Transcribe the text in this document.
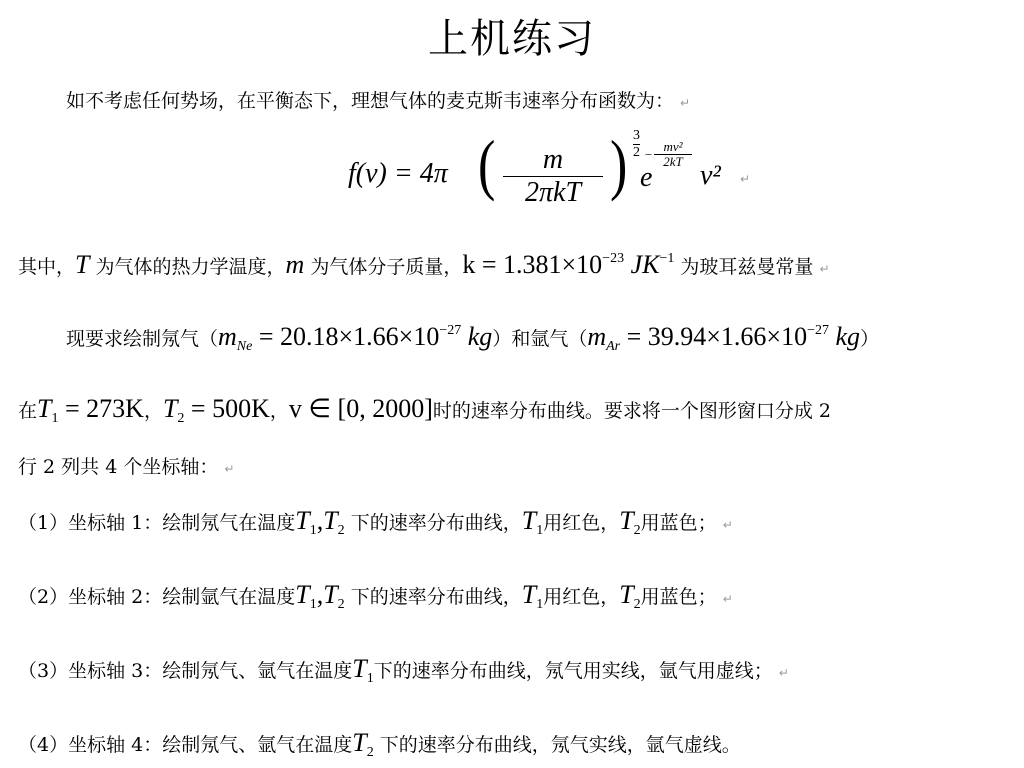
上机练习
如不考虑任何势场，在平衡态下，理想气体的麦克斯韦速率分布函数为： ↵
f(v) = 4π (	m
2πkT ) 3
2
e
−
mv²
2kT v² ↵
其中，T 为气体的热力学温度，m 为气体分子质量，$k = 1.381\times 10^{-23}$ $JK^{-1}$ 为玻耳兹曼常量 ↵
现要求绘制氖气（$m_{Ne} = 20.18\times 1.66\times 10^{-27}$ kg）和氩气（$m_{Ar} = 39.94\times 1.66\times 10^{-27}$ kg）
在$T_1 = 273K$，$T_2 = 500K$，v ∈ [0, 2000]时的速率分布曲线。要求将一个图形窗口分成 2
行 2 列共 4 个坐标轴： ↵
（1）坐标轴 1：绘制氖气在温度$T_1,T_2$ 下的速率分布曲线，$T_1$用红色，$T_2$用蓝色； ↵
（2）坐标轴 2：绘制氩气在温度$T_1,T_2$ 下的速率分布曲线，$T_1$用红色，$T_2$用蓝色； ↵
（3）坐标轴 3：绘制氖气、氩气在温度$T_1$下的速率分布曲线，氖气用实线，氩气用虚线； ↵
（4）坐标轴 4：绘制氖气、氩气在温度$T_2$ 下的速率分布曲线，氖气实线，氩气虚线。
